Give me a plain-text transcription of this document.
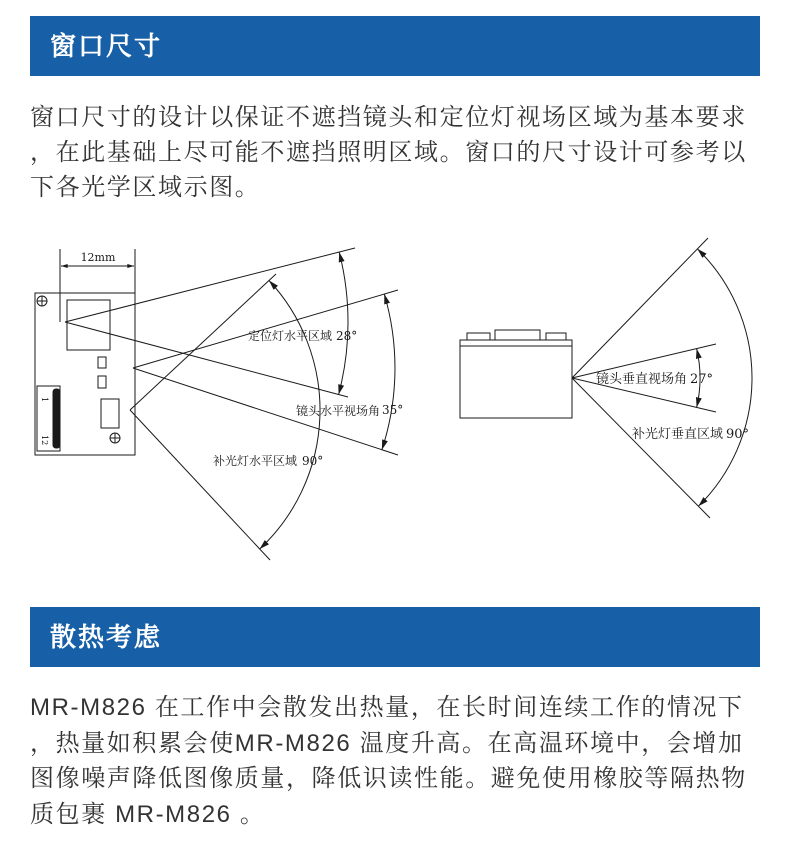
窗口尺寸
窗口尺寸的设计以保证不遮挡镜头和定位灯视场区域为基本要求
，在此基础上尽可能不遮挡照明区域。窗口的尺寸设计可参考以
下各光学区域示图。
12mm
1
12
定位灯水平区域 28°
镜头水平视场角 35°
补光灯水平区域 90°
镜头垂直视场角 27°
补光灯垂直区域 90°
散热考虑
MR-M826 在工作中会散发出热量，在长时间连续工作的情况下
，热量如积累会使MR-M826 温度升高。在高温环境中，会增加
图像噪声降低图像质量，降低识读性能。避免使用橡胶等隔热物
质包裹 MR-M826 。
